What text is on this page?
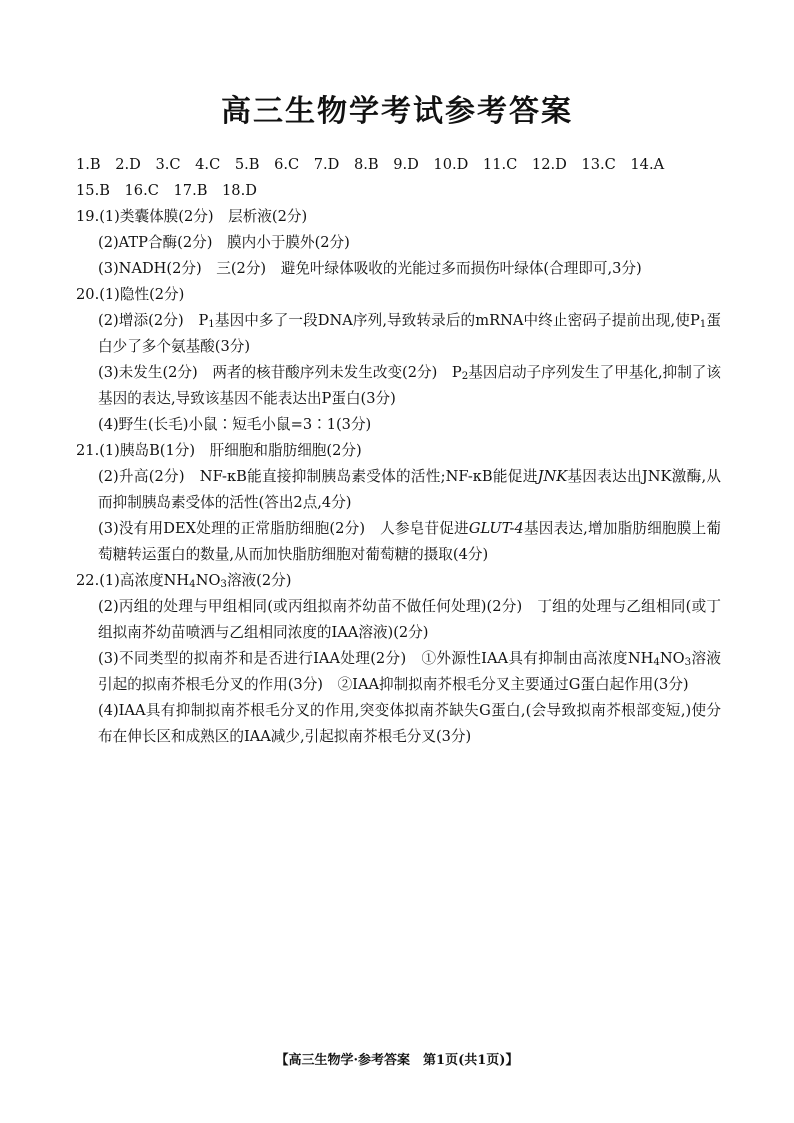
高三生物学考试参考答案
1.B　2.D　3.C　4.C　5.B　6.C　7.D　8.B　9.D　10.D　11.C　12.D　13.C　14.A
15.B　16.C　17.B　18.D
19.(1)类囊体膜(2分)　层析液(2分)
(2)ATP合酶(2分)　膜内小于膜外(2分)
(3)NADH(2分)　三(2分)　避免叶绿体吸收的光能过多而损伤叶绿体(合理即可,3分)
20.(1)隐性(2分)
(2)增添(2分)　$P_1$基因中多了一段DNA序列,导致转录后的mRNA中终止密码子提前出现,使$P_1$蛋白少了多个氨基酸(3分)
(3)未发生(2分)　两者的核苷酸序列未发生改变(2分)　$P_2$基因启动子序列发生了甲基化,抑制了该基因的表达,导致该基因不能表达出P蛋白(3分)
(4)野生(长毛)小鼠∶短毛小鼠=3∶1(3分)
21.(1)胰岛B(1分)　肝细胞和脂肪细胞(2分)
(2)升高(2分)　NF-κB能直接抑制胰岛素受体的活性;NF-κB能促进JNK基因表达出JNK激酶,从而抑制胰岛素受体的活性(答出2点,4分)
(3)没有用DEX处理的正常脂肪细胞(2分)　人参皂苷促进GLUT-4基因表达,增加脂肪细胞膜上葡萄糖转运蛋白的数量,从而加快脂肪细胞对葡萄糖的摄取(4分)
22.(1)高浓度$NH_4NO_3$溶液(2分)
(2)丙组的处理与甲组相同(或丙组拟南芥幼苗不做任何处理)(2分)　丁组的处理与乙组相同(或丁组拟南芥幼苗喷洒与乙组相同浓度的IAA溶液)(2分)
(3)不同类型的拟南芥和是否进行IAA处理(2分)　①外源性IAA具有抑制由高浓度$NH_4NO_3$溶液引起的拟南芥根毛分叉的作用(3分)　②IAA抑制拟南芥根毛分叉主要通过G蛋白起作用(3分)
(4)IAA具有抑制拟南芥根毛分叉的作用,突变体拟南芥缺失G蛋白,(会导致拟南芥根部变短,)使分布在伸长区和成熟区的IAA减少,引起拟南芥根毛分叉(3分)
【高三生物学·参考答案　第1页(共1页)】
